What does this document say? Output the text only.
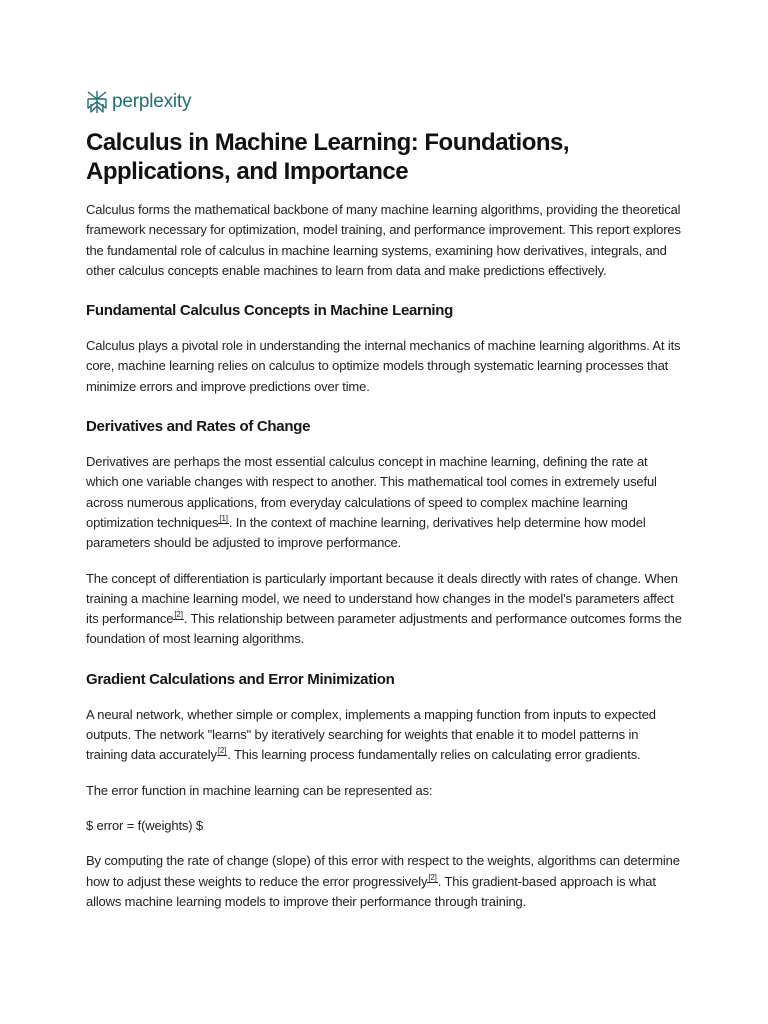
perplexity
Calculus in Machine Learning: Foundations, Applications, and Importance

Calculus forms the mathematical backbone of many machine learning algorithms, providing the theoretical framework necessary for optimization, model training, and performance improvement. This report explores the fundamental role of calculus in machine learning systems, examining how derivatives, integrals, and other calculus concepts enable machines to learn from data and make predictions effectively.

Fundamental Calculus Concepts in Machine Learning

Calculus plays a pivotal role in understanding the internal mechanics of machine learning algorithms. At its core, machine learning relies on calculus to optimize models through systematic learning processes that minimize errors and improve predictions over time.

Derivatives and Rates of Change

Derivatives are perhaps the most essential calculus concept in machine learning, defining the rate at which one variable changes with respect to another. This mathematical tool comes in extremely useful across numerous applications, from everyday calculations of speed to complex machine learning optimization techniques[1]. In the context of machine learning, derivatives help determine how model parameters should be adjusted to improve performance.

The concept of differentiation is particularly important because it deals directly with rates of change. When training a machine learning model, we need to understand how changes in the model's parameters affect its performance[2]. This relationship between parameter adjustments and performance outcomes forms the foundation of most learning algorithms.

Gradient Calculations and Error Minimization

A neural network, whether simple or complex, implements a mapping function from inputs to expected outputs. The network "learns" by iteratively searching for weights that enable it to model patterns in training data accurately[2]. This learning process fundamentally relies on calculating error gradients.

The error function in machine learning can be represented as:

$ error = f(weights) $

By computing the rate of change (slope) of this error with respect to the weights, algorithms can determine how to adjust these weights to reduce the error progressively[2]. This gradient-based approach is what allows machine learning models to improve their performance through training.
